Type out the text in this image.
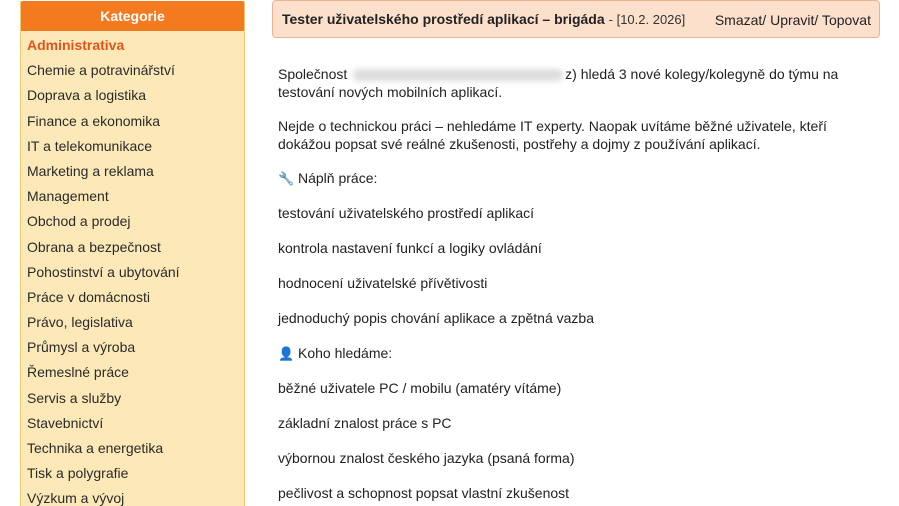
Kategorie
Administrativa
Chemie a potravinářství
Doprava a logistika
Finance a ekonomika
IT a telekomunikace
Marketing a reklama
Management
Obchod a prodej
Obrana a bezpečnost
Pohostinství a ubytování
Práce v domácnosti
Právo, legislativa
Průmysl a výroba
Řemeslné práce
Servis a služby
Stavebnictví
Technika a energetika
Tisk a polygrafie
Výzkum a vývoj
Tester uživatelského prostředí aplikací – brigáda - [10.2. 2026] Smazat/ Upravit/ Topovat

Společnost	z) hledá 3 nové kolegy/kolegyně do týmu na testování nových mobilních aplikací.

Nejde o technickou práci – nehledáme IT experty. Naopak uvítáme běžné uživatele, kteří dokážou popsat své reálné zkušenosti, postřehy a dojmy z používání aplikací.

🔧 Náplň práce:
testování uživatelského prostředí aplikací
kontrola nastavení funkcí a logiky ovládání
hodnocení uživatelské přívětivosti
jednoduchý popis chování aplikace a zpětná vazba
👤 Koho hledáme:
běžné uživatele PC / mobilu (amatéry vítáme)
základní znalost práce s PC
výbornou znalost českého jazyka (psaná forma)
pečlivost a schopnost popsat vlastní zkušenost
